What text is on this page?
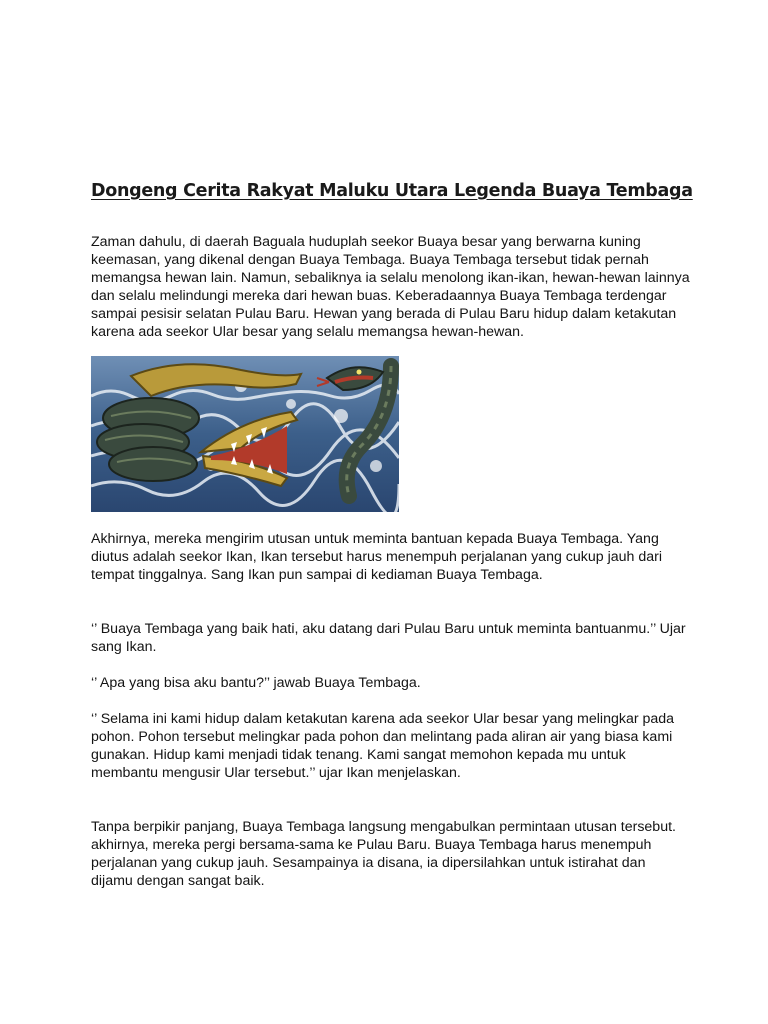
Dongeng Cerita Rakyat Maluku Utara Legenda Buaya Tembaga

Zaman dahulu, di daerah Baguala huduplah seekor Buaya besar yang berwarna kuning keemasan, yang dikenal dengan Buaya Tembaga. Buaya Tembaga tersebut tidak pernah memangsa hewan lain. Namun, sebaliknya ia selalu menolong ikan-ikan, hewan-hewan lainnya dan selalu melindungi mereka dari hewan buas. Keberadaannya Buaya Tembaga terdengar sampai pesisir selatan Pulau Baru. Hewan yang berada di Pulau Baru hidup dalam ketakutan karena ada seekor Ular besar yang selalu memangsa hewan-hewan.

Akhirnya, mereka mengirim utusan untuk meminta bantuan kepada Buaya Tembaga. Yang diutus adalah seekor Ikan, Ikan tersebut harus menempuh perjalanan yang cukup jauh dari tempat tinggalnya. Sang Ikan pun sampai di kediaman Buaya Tembaga.

‘’ Buaya Tembaga yang baik hati, aku datang dari Pulau Baru untuk meminta bantuanmu.’’ Ujar sang Ikan.

‘’ Apa yang bisa aku bantu?’’ jawab Buaya Tembaga.

‘’ Selama ini kami hidup dalam ketakutan karena ada seekor Ular besar yang melingkar pada pohon. Pohon tersebut melingkar pada pohon dan melintang pada aliran air yang biasa kami gunakan. Hidup kami menjadi tidak tenang. Kami sangat memohon kepada mu untuk membantu mengusir Ular tersebut.’’ ujar Ikan menjelaskan.

Tanpa berpikir panjang, Buaya Tembaga langsung mengabulkan permintaan utusan tersebut. akhirnya, mereka pergi bersama-sama ke Pulau Baru. Buaya Tembaga harus menempuh perjalanan yang cukup jauh. Sesampainya ia disana, ia dipersilahkan untuk istirahat dan dijamu dengan sangat baik.
